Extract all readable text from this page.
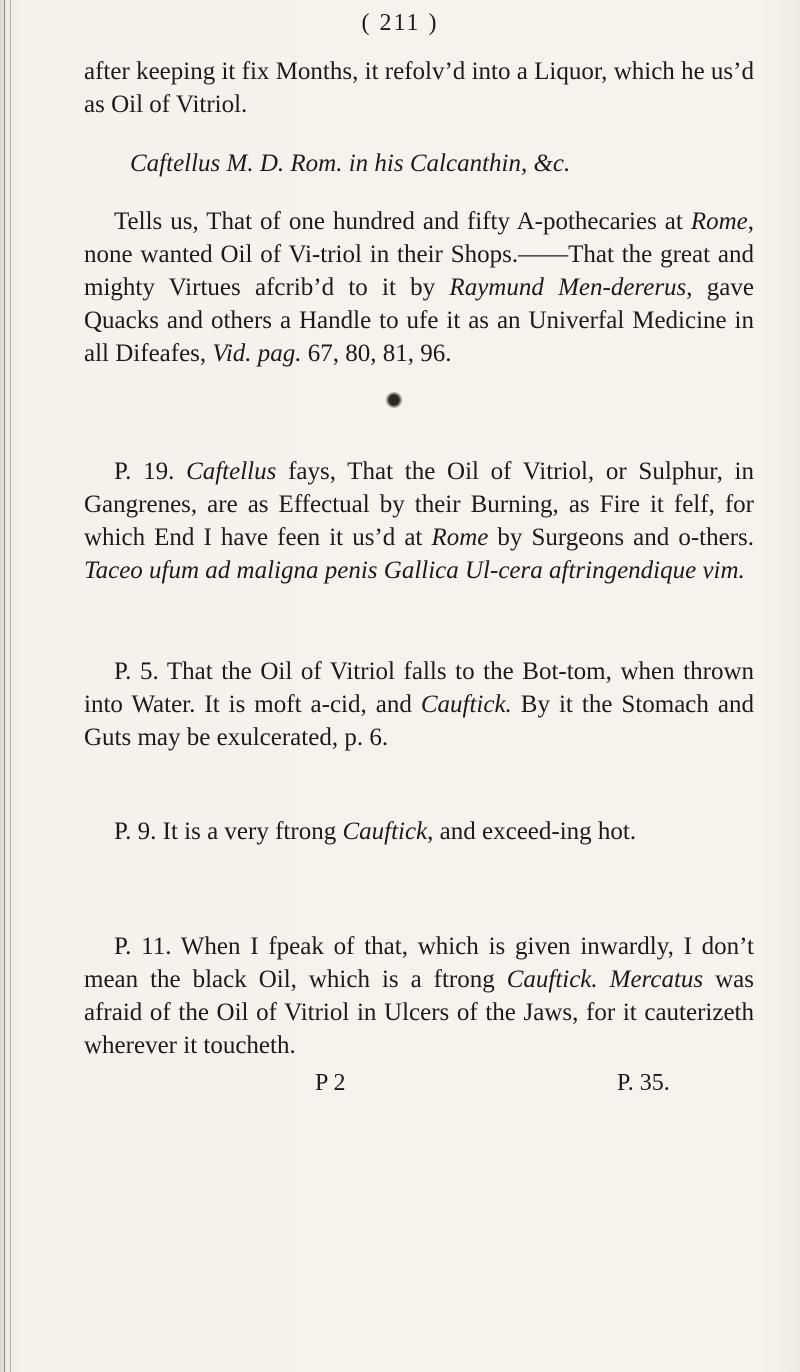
( 211 )
after keeping it fix Months, it refolv’d into a Liquor, which he us’d as Oil of Vitriol.
Caftellus M. D. Rom. in his Calcanthin, &c.
Tells us, That of one hundred and fifty A-pothecaries at Rome, none wanted Oil of Vi-triol in their Shops.——That the great and mighty Virtues afcrib’d to it by Raymund Men-dererus, gave Quacks and others a Handle to ufe it as an Univerfal Medicine in all Difeafes, Vid. pag. 67, 80, 81, 96.
P. 19. Caftellus fays, That the Oil of Vitriol, or Sulphur, in Gangrenes, are as Effectual by their Burning, as Fire it felf, for which End I have feen it us’d at Rome by Surgeons and o-thers. Taceo ufum ad maligna penis Gallica Ul-cera aftringendique vim.
P. 5. That the Oil of Vitriol falls to the Bot-tom, when thrown into Water. It is moft a-cid, and Cauftick. By it the Stomach and Guts may be exulcerated, p. 6.
P. 9. It is a very ftrong Cauftick, and exceed-ing hot.
P. 11. When I fpeak of that, which is given inwardly, I don’t mean the black Oil, which is a ftrong Cauftick. Mercatus was afraid of the Oil of Vitriol in Ulcers of the Jaws, for it cauterizeth wherever it toucheth.
P 2	P. 35.
